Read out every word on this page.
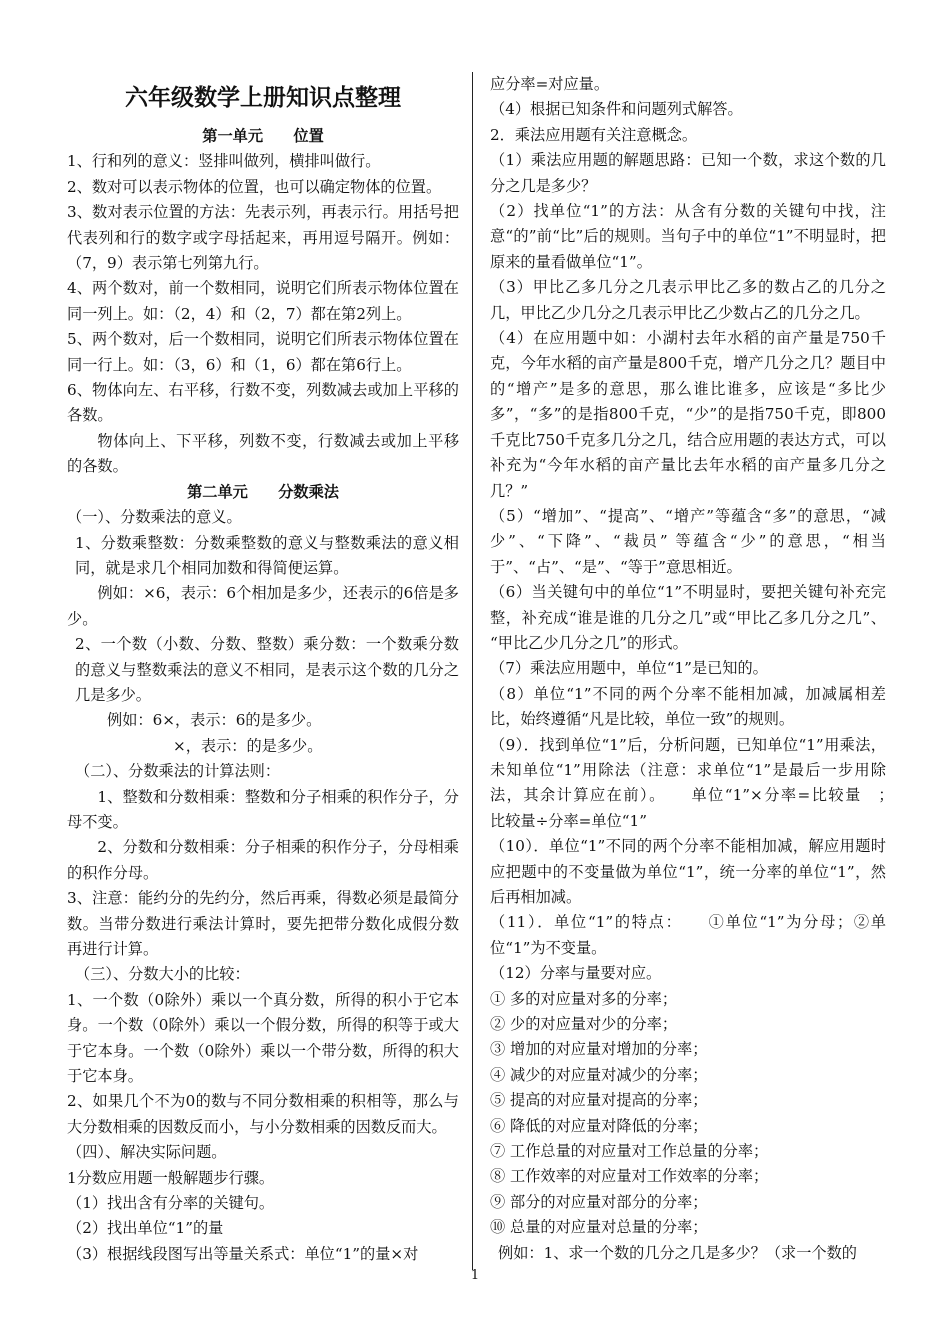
六年级数学上册知识点整理
第一单元　　位置

1、行和列的意义：竖排叫做列，横排叫做行。

2、数对可以表示物体的位置，也可以确定物体的位置。

3、数对表示位置的方法：先表示列，再表示行。用括号把代表列和行的数字或字母括起来，再用逗号隔开。例如：（7，9）表示第七列第九行。

4、两个数对，前一个数相同，说明它们所表示物体位置在同一列上。如：（2，4）和（2，7）都在第2列上。

5、两个数对，后一个数相同，说明它们所表示物体位置在同一行上。如：（3，6）和（1，6）都在第6行上。

6、物体向左、右平移，行数不变，列数减去或加上平移的各数。

物体向上、下平移，列数不变，行数减去或加上平移的各数。

第二单元　　分数乘法

（一）、分数乘法的意义。

1、分数乘整数：分数乘整数的意义与整数乘法的意义相同，就是求几个相同加数和得简便运算。

例如：×6，表示：6个相加是多少，还表示的6倍是多少。

2、一个数（小数、分数、整数）乘分数：一个数乘分数的意义与整数乘法的意义不相同，是表示这个数的几分之几是多少。

例如：6×，表示：6的是多少。

×，表示：的是多少。

（二）、分数乘法的计算法则：

1、整数和分数相乘：整数和分子相乘的积作分子，分母不变。

2、分数和分数相乘：分子相乘的积作分子，分母相乘的积作分母。

3、注意：能约分的先约分，然后再乘，得数必须是最简分数。当带分数进行乘法计算时，要先把带分数化成假分数再进行计算。

（三）、分数大小的比较：

1、一个数（0除外）乘以一个真分数，所得的积小于它本身。一个数（0除外）乘以一个假分数，所得的积等于或大于它本身。一个数（0除外）乘以一个带分数，所得的积大于它本身。

2、如果几个不为0的数与不同分数相乘的积相等，那么与大分数相乘的因数反而小，与小分数相乘的因数反而大。

（四）、解决实际问题。

1分数应用题一般解题步行骤。

（1）找出含有分率的关键句。

（2）找出单位“1”的量

（3）根据线段图写出等量关系式：单位“1”的量×对

应分率=对应量。

（4）根据已知条件和问题列式解答。

2．乘法应用题有关注意概念。

（1）乘法应用题的解题思路：已知一个数，求这个数的几分之几是多少？

（2）找单位“1”的方法：从含有分数的关键句中找，注意“的”前“比”后的规则。当句子中的单位“1”不明显时，把原来的量看做单位“1”。

（3）甲比乙多几分之几表示甲比乙多的数占乙的几分之几，甲比乙少几分之几表示甲比乙少数占乙的几分之几。

（4）在应用题中如：小湖村去年水稻的亩产量是750千克，今年水稻的亩产量是800千克，增产几分之几？题目中的“增产”是多的意思，那么谁比谁多，应该是“多比少多”，“多”的是指800千克，“少”的是指750千克，即800千克比750千克多几分之几，结合应用题的表达方式，可以补充为“今年水稻的亩产量比去年水稻的亩产量多几分之几？”

（5）“增加”、“提高”、“增产”等蕴含“多”的意思，“减少”、“下降”、“裁员” 等蕴含“少”的意思，“相当于”、“占”、“是”、“等于”意思相近。

（6）当关键句中的单位“1”不明显时，要把关键句补充完整，补充成“谁是谁的几分之几”或“甲比乙多几分之几”、 “甲比乙少几分之几”的形式。

（7）乘法应用题中，单位“1”是已知的。

（8）单位“1”不同的两个分率不能相加减，加减属相差比，始终遵循“凡是比较，单位一致”的规则。

（9）．找到单位“1”后，分析问题，已知单位“1”用乘法，未知单位“1”用除法（注意：求单位“1”是最后一步用除法，其余计算应在前）。　　单位“1”×分率=比较量　；　　　比较量÷分率=单位“1”

（10）．单位“1”不同的两个分率不能相加减，解应用题时应把题中的不变量做为单位“1”，统一分率的单位“1”，然后再相加减。

（11）．单位“1”的特点：　　①单位“1”为分母；②单位“1”为不变量。

（12）分率与量要对应。

① 多的对应量对多的分率；

② 少的对应量对少的分率；

③ 增加的对应量对增加的分率；

④ 减少的对应量对减少的分率；

⑤ 提高的对应量对提高的分率；

⑥ 降低的对应量对降低的分率；

⑦ 工作总量的对应量对工作总量的分率；

⑧ 工作效率的对应量对工作效率的分率；

⑨ 部分的对应量对部分的分率；

⑩ 总量的对应量对总量的分率；

例如：1、求一个数的几分之几是多少？（求一个数的

1
